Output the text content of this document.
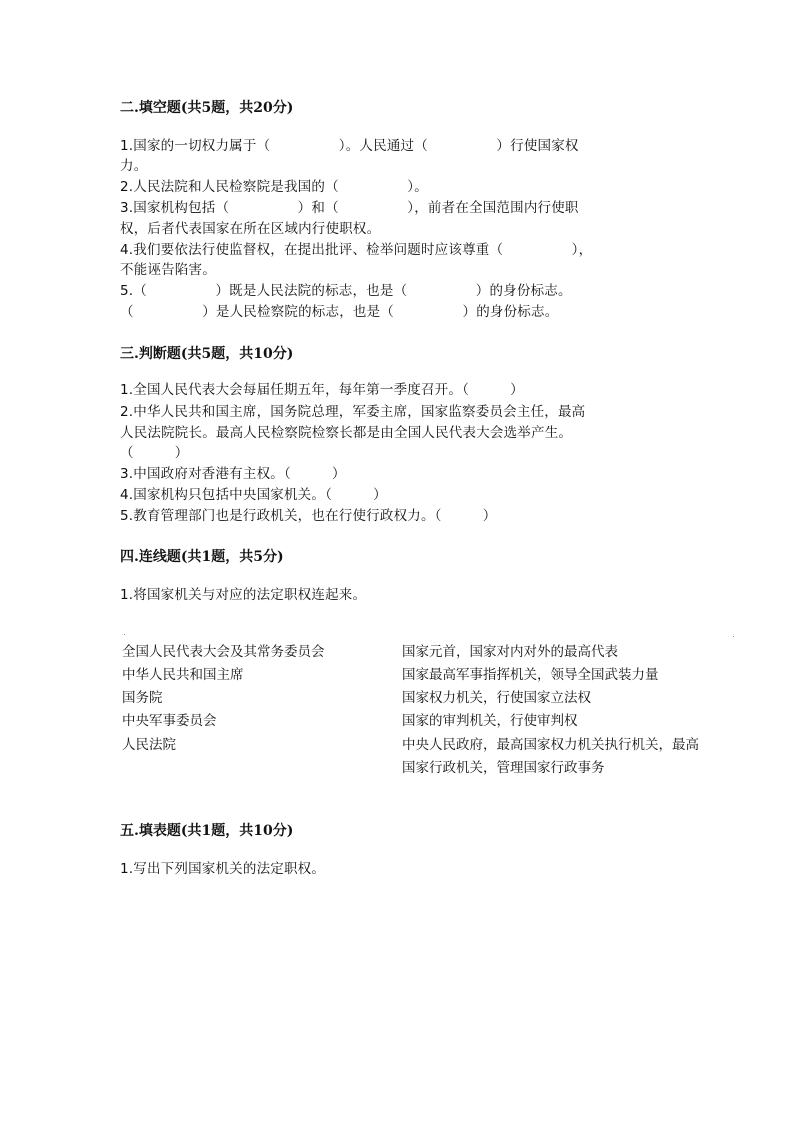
二.填空题(共5题，共20分)
1.国家的一切权力属于（　　　　　）。人民通过（　　　　　）行使国家权
力。
2.人民法院和人民检察院是我国的（　　　　　）。
3.国家机构包括（　　　　　）和（　　　　　），前者在全国范围内行使职
权，后者代表国家在所在区域内行使职权。
4.我们要依法行使监督权，在提出批评、检举问题时应该尊重（　　　　　），
不能诬告陷害。
5.（　　　　　）既是人民法院的标志，也是（　　　　　）的身份标志。
（　　　　　）是人民检察院的标志，也是（　　　　　）的身份标志。
三.判断题(共5题，共10分)
1.全国人民代表大会每届任期五年，每年第一季度召开。（　　　）
2.中华人民共和国主席，国务院总理，军委主席，国家监察委员会主任，最高
人民法院院长。最高人民检察院检察长都是由全国人民代表大会选举产生。
（　　　）
3.中国政府对香港有主权。（　　　）
4.国家机构只包括中央国家机关。（　　　）
5.教育管理部门也是行政机关，也在行使行政权力。（　　　）
四.连线题(共1题，共5分)
1.将国家机关与对应的法定职权连起来。
全国人民代表大会及其常务委员会
中华人民共和国主席
国务院
中央军事委员会
人民法院
国家元首，国家对内对外的最高代表
国家最高军事指挥机关，领导全国武装力量
国家权力机关，行使国家立法权
国家的审判机关，行使审判权
中央人民政府，最高国家权力机关执行机关，最高
国家行政机关，管理国家行政事务
五.填表题(共1题，共10分)
1.写出下列国家机关的法定职权。
